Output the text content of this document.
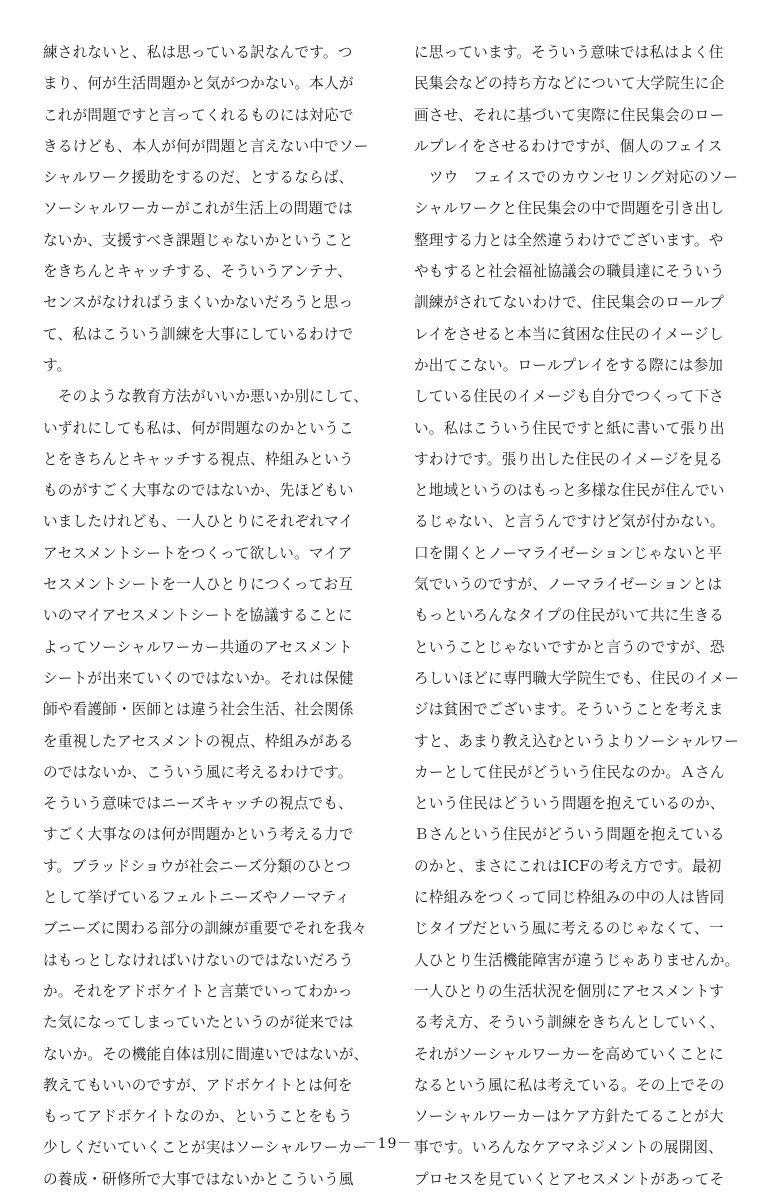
練されないと、私は思っている訳なんです。つ
まり、何が生活問題かと気がつかない。本人が
これが問題ですと言ってくれるものには対応で
きるけども、本人が何が問題と言えない中でソー
シャルワーク援助をするのだ、とするならば、
ソーシャルワーカーがこれが生活上の問題では
ないか、支援すべき課題じゃないかということ
をきちんとキャッチする、そういうアンテナ、
センスがなければうまくいかないだろうと思っ
て、私はこういう訓練を大事にしているわけで
す。
　そのような教育方法がいいか悪いか別にして、
いずれにしても私は、何が問題なのかというこ
とをきちんとキャッチする視点、枠組みという
ものがすごく大事なのではないか、先ほどもい
いましたけれども、一人ひとりにそれぞれマイ
アセスメントシートをつくって欲しい。マイア
セスメントシートを一人ひとりにつくってお互
いのマイアセスメントシートを協議することに
よってソーシャルワーカー共通のアセスメント
シートが出来ていくのではないか。それは保健
師や看護師・医師とは違う社会生活、社会関係
を重視したアセスメントの視点、枠組みがある
のではないか、こういう風に考えるわけです。
そういう意味ではニーズキャッチの視点でも、
すごく大事なのは何が問題かという考える力で
す。ブラッドショウが社会ニーズ分類のひとつ
として挙げているフェルトニーズやノーマティ
ブニーズに関わる部分の訓練が重要でそれを我々
はもっとしなければいけないのではないだろう
か。それをアドボケイトと言葉でいってわかっ
た気になってしまっていたというのが従来では
ないか。その機能自体は別に間違いではないが、
教えてもいいのですが、アドボケイトとは何を
もってアドボケイトなのか、ということをもう
少しくだいていくことが実はソーシャルワーカー
の養成・研修所で大事ではないかとこういう風
に思っています。そういう意味では私はよく住
民集会などの持ち方などについて大学院生に企
画させ、それに基づいて実際に住民集会のロー
ルプレイをさせるわけですが、個人のフェイス
　ツウ　フェイスでのカウンセリング対応のソー
シャルワークと住民集会の中で問題を引き出し
整理する力とは全然違うわけでございます。や
やもすると社会福祉協議会の職員達にそういう
訓練がされてないわけで、住民集会のロールプ
レイをさせると本当に貧困な住民のイメージし
か出てこない。ロールプレイをする際には参加
している住民のイメージも自分でつくって下さ
い。私はこういう住民ですと紙に書いて張り出
すわけです。張り出した住民のイメージを見る
と地域というのはもっと多様な住民が住んでい
るじゃない、と言うんですけど気が付かない。
口を開くとノーマライゼーションじゃないと平
気でいうのですが、ノーマライゼーションとは
もっといろんなタイプの住民がいて共に生きる
ということじゃないですかと言うのですが、恐
ろしいほどに専門職大学院生でも、住民のイメー
ジは貧困でございます。そういうことを考えま
すと、あまり教え込むというよりソーシャルワー
カーとして住民がどういう住民なのか。Ａさん
という住民はどういう問題を抱えているのか、
Ｂさんという住民がどういう問題を抱えている
のかと、まさにこれはICFの考え方です。最初
に枠組みをつくって同じ枠組みの中の人は皆同
じタイプだという風に考えるのじゃなくて、一
人ひとり生活機能障害が違うじゃありませんか。
一人ひとりの生活状況を個別にアセスメントす
る考え方、そういう訓練をきちんとしていく、
それがソーシャルワーカーを高めていくことに
なるという風に私は考えている。その上でその
ソーシャルワーカーはケア方針たてることが大
事です。いろんなケアマネジメントの展開図、
プロセスを見ていくとアセスメントがあってそ
－19－
